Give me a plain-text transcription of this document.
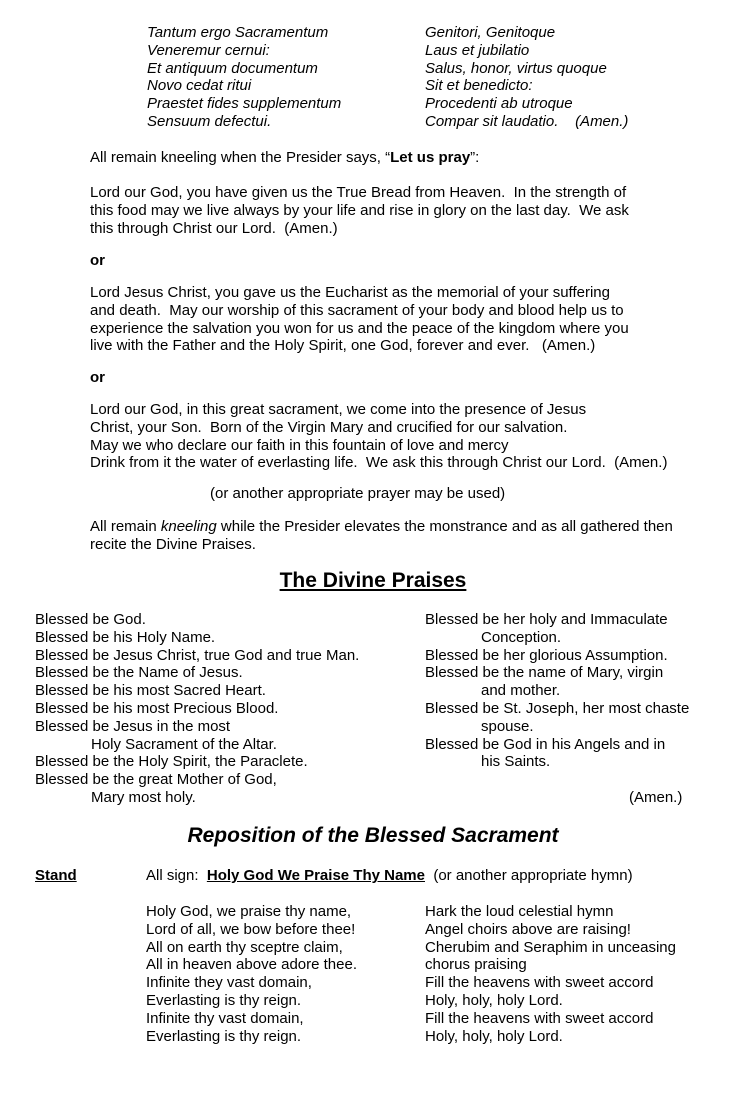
Tantum ergo Sacramentum
Veneremur cernui:
Et antiquum documentum
Novo cedat ritui
Praestet fides supplementum
Sensuum defectui.
Genitori, Genitoque
Laus et jubilatio
Salus, honor, virtus quoque
Sit et benedicto:
Procedenti ab utroque
Compar sit laudatio.    (Amen.)
All remain kneeling when the Presider says, “Let us pray”:
Lord our God, you have given us the True Bread from Heaven.  In the strength of
this food may we live always by your life and rise in glory on the last day.  We ask
this through Christ our Lord.  (Amen.)
or
Lord Jesus Christ, you gave us the Eucharist as the memorial of your suffering
and death.  May our worship of this sacrament of your body and blood help us to
experience the salvation you won for us and the peace of the kingdom where you
live with the Father and the Holy Spirit, one God, forever and ever.   (Amen.)
or
Lord our God, in this great sacrament, we come into the presence of Jesus
Christ, your Son.  Born of the Virgin Mary and crucified for our salvation.
May we who declare our faith in this fountain of love and mercy
Drink from it the water of everlasting life.  We ask this through Christ our Lord.  (Amen.)
(or another appropriate prayer may be used)
All remain kneeling while the Presider elevates the monstrance and as all gathered then
recite the Divine Praises.
The Divine Praises
Blessed be God.
Blessed be his Holy Name.
Blessed be Jesus Christ, true God and true Man.
Blessed be the Name of Jesus.
Blessed be his most Sacred Heart.
Blessed be his most Precious Blood.
Blessed be Jesus in the most
Holy Sacrament of the Altar.
Blessed be the Holy Spirit, the Paraclete.
Blessed be the great Mother of God,
Mary most holy.
Blessed be her holy and Immaculate
Conception.
Blessed be her glorious Assumption.
Blessed be the name of Mary, virgin
and mother.
Blessed be St. Joseph, her most chaste
spouse.
Blessed be God in his Angels and in
his Saints.
(Amen.)
Reposition of the Blessed Sacrament
Stand	All sign:  Holy God We Praise Thy Name  (or another appropriate hymn)
Holy God, we praise thy name,
Lord of all, we bow before thee!
All on earth thy sceptre claim,
All in heaven above adore thee.
Infinite they vast domain,
Everlasting is thy reign.
Infinite thy vast domain,
Everlasting is thy reign.
Hark the loud celestial hymn
Angel choirs above are raising!
Cherubim and Seraphim in unceasing
chorus praising
Fill the heavens with sweet accord
Holy, holy, holy Lord.
Fill the heavens with sweet accord
Holy, holy, holy Lord.
